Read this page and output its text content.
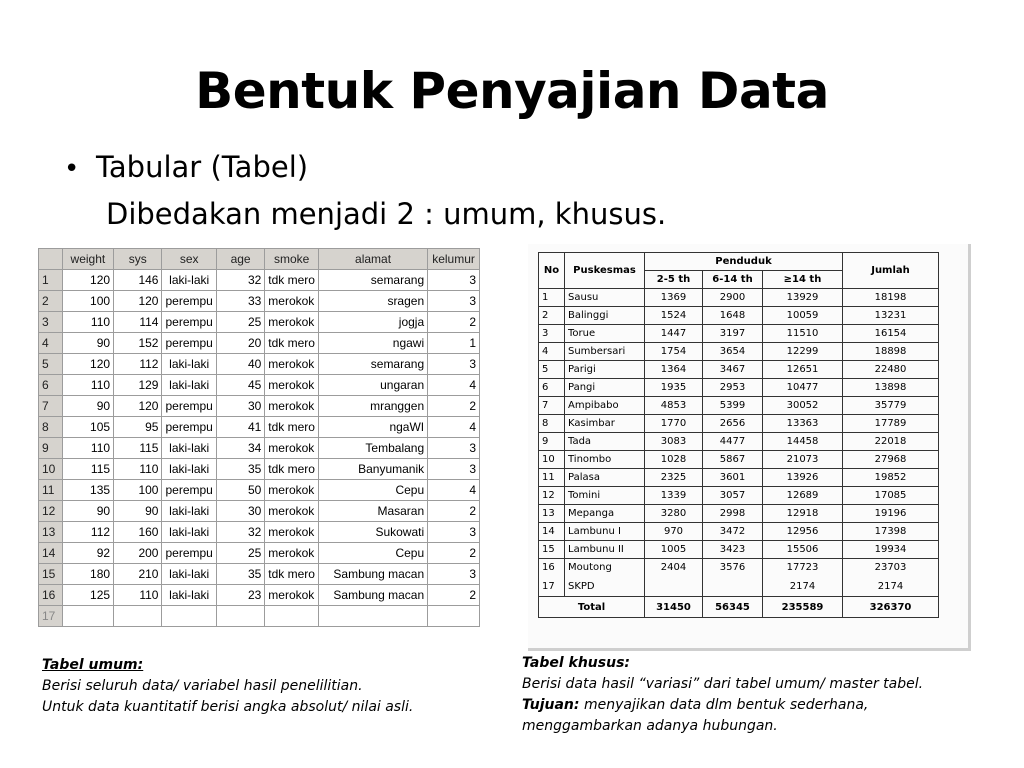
Bentuk Penyajian Data
• Tabular (Tabel)
Dibedakan menjadi 2 : umum, khusus.
	weight	sys	sex	age	smoke	alamat	kelumur
1	120	146	laki-laki	32	tdk mero	semarang	3
2	100	120	perempu	33	merokok	sragen	3
3	110	114	perempu	25	merokok	jogja	2
4	90	152	perempu	20	tdk mero	ngawi	1
5	120	112	laki-laki	40	merokok	semarang	3
6	110	129	laki-laki	45	merokok	ungaran	4
7	90	120	perempu	30	merokok	mranggen	2
8	105	95	perempu	41	tdk mero	ngaWI	4
9	110	115	laki-laki	34	merokok	Tembalang	3
10	115	110	laki-laki	35	tdk mero	Banyumanik	3
11	135	100	perempu	50	merokok	Cepu	4
12	90	90	laki-laki	30	merokok	Masaran	2
13	112	160	laki-laki	32	merokok	Sukowati	3
14	92	200	perempu	25	merokok	Cepu	2
15	180	210	laki-laki	35	tdk mero	Sambung macan	3
16	125	110	laki-laki	23	merokok	Sambung macan	2
17							
No	Puskesmas	Penduduk			Jumlah
		2-5 th	6-14 th	≥14 th	
1	Sausu	1369	2900	13929	18198
2	Balinggi	1524	1648	10059	13231
3	Torue	1447	3197	11510	16154
4	Sumbersari	1754	3654	12299	18898
5	Parigi	1364	3467	12651	22480
6	Pangi	1935	2953	10477	13898
7	Ampibabo	4853	5399	30052	35779
8	Kasimbar	1770	2656	13363	17789
9	Tada	3083	4477	14458	22018
10	Tinombo	1028	5867	21073	27968
11	Palasa	2325	3601	13926	19852
12	Tomini	1339	3057	12689	17085
13	Mepanga	3280	2998	12918	19196
14	Lambunu I	970	3472	12956	17398
15	Lambunu II	1005	3423	15506	19934
16	Moutong	2404	3576	17723	23703
17	SKPD			2174	2174
Total		31450	56345	235589	326370
Tabel umum:
Berisi seluruh data/ variabel hasil penelilitian.
Untuk data kuantitatif berisi angka absolut/ nilai asli.
Tabel khusus:
Berisi data hasil “variasi” dari tabel umum/ master tabel.
Tujuan: menyajikan data dlm bentuk sederhana,
menggambarkan adanya hubungan.
